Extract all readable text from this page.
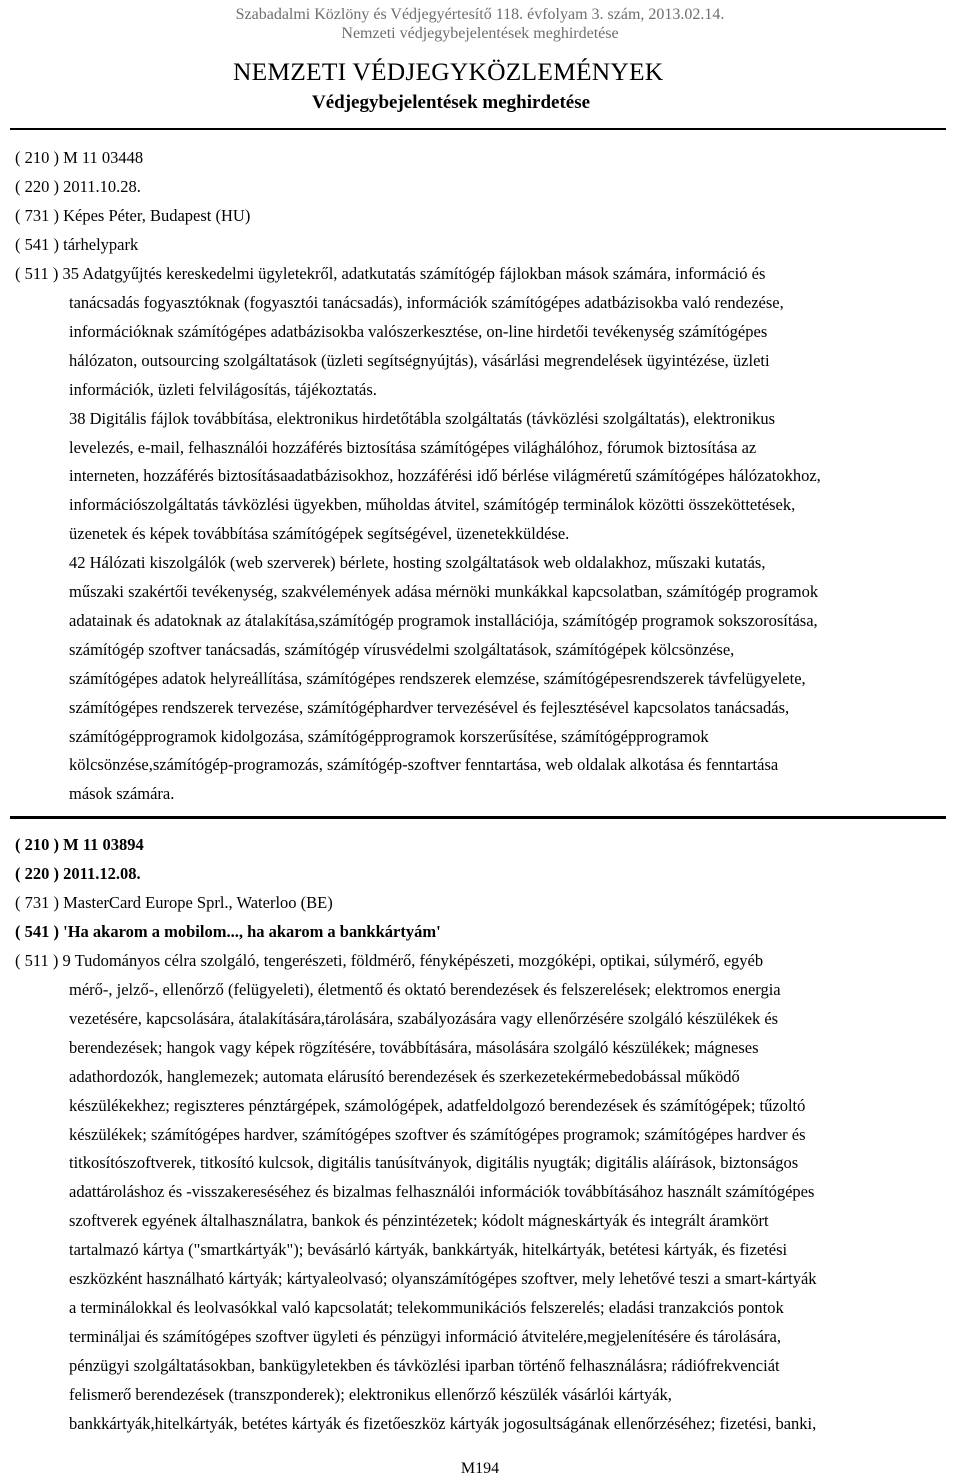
Szabadalmi Közlöny és Védjegyértesítő 118. évfolyam 3. szám, 2013.02.14.
Nemzeti védjegybejelentések meghirdetése
NEMZETI VÉDJEGYKÖZLEMÉNYEK
Védjegybejelentések meghirdetése
( 210 ) M 11 03448
( 220 ) 2011.10.28.
( 731 ) Képes Péter, Budapest (HU)
( 541 ) tárhelypark
( 511 ) 35 Adatgyűjtés kereskedelmi ügyletekről, adatkutatás számítógép fájlokban mások számára, információ és
tanácsadás fogyasztóknak (fogyasztói tanácsadás), információk számítógépes adatbázisokba való rendezése,
információknak számítógépes adatbázisokba valószerkesztése, on-line hirdetői tevékenység számítógépes
hálózaton, outsourcing szolgáltatások (üzleti segítségnyújtás), vásárlási megrendelések ügyintézése, üzleti
információk, üzleti felvilágosítás, tájékoztatás.
38 Digitális fájlok továbbítása, elektronikus hirdetőtábla szolgáltatás (távközlési szolgáltatás), elektronikus
levelezés, e-mail, felhasználói hozzáférés biztosítása számítógépes világhálóhoz, fórumok biztosítása az
interneten, hozzáférés biztosításaadatbázisokhoz, hozzáférési idő bérlése világméretű számítógépes hálózatokhoz,
információszolgáltatás távközlési ügyekben, műholdas átvitel, számítógép terminálok közötti összeköttetések,
üzenetek és képek továbbítása számítógépek segítségével, üzenetekküldése.
42 Hálózati kiszolgálók (web szerverek) bérlete, hosting szolgáltatások web oldalakhoz, műszaki kutatás,
műszaki szakértői tevékenység, szakvélemények adása mérnöki munkákkal kapcsolatban, számítógép programok
adatainak és adatoknak az átalakítása,számítógép programok installációja, számítógép programok sokszorosítása,
számítógép szoftver tanácsadás, számítógép vírusvédelmi szolgáltatások, számítógépek kölcsönzése,
számítógépes adatok helyreállítása, számítógépes rendszerek elemzése, számítógépesrendszerek távfelügyelete,
számítógépes rendszerek tervezése, számítógéphardver tervezésével és fejlesztésével kapcsolatos tanácsadás,
számítógépprogramok kidolgozása, számítógépprogramok korszerűsítése, számítógépprogramok
kölcsönzése,számítógép-programozás, számítógép-szoftver fenntartása, web oldalak alkotása és fenntartása
mások számára.
( 210 ) M 11 03894
( 220 ) 2011.12.08.
( 731 ) MasterCard Europe Sprl., Waterloo (BE)
( 541 ) 'Ha akarom a mobilom..., ha akarom a bankkártyám'
( 511 ) 9 Tudományos célra szolgáló, tengerészeti, földmérő, fényképészeti, mozgóképi, optikai, súlymérő, egyéb
mérő-, jelző-, ellenőrző (felügyeleti), életmentő és oktató berendezések és felszerelések; elektromos energia
vezetésére, kapcsolására, átalakítására,tárolására, szabályozására vagy ellenőrzésére szolgáló készülékek és
berendezések; hangok vagy képek rögzítésére, továbbítására, másolására szolgáló készülékek; mágneses
adathordozók, hanglemezek; automata elárusító berendezések és szerkezetekérmebedobással működő
készülékekhez; regiszteres pénztárgépek, számológépek, adatfeldolgozó berendezések és számítógépek; tűzoltó
készülékek; számítógépes hardver, számítógépes szoftver és számítógépes programok; számítógépes hardver és
titkosítószoftverek, titkosító kulcsok, digitális tanúsítványok, digitális nyugták; digitális aláírások, biztonságos
adattároláshoz és -visszakereséséhez és bizalmas felhasználói információk továbbításához használt számítógépes
szoftverek egyének általhasználatra, bankok és pénzintézetek; kódolt mágneskártyák és integrált áramkört
tartalmazó kártya ("smartkártyák"); bevásárló kártyák, bankkártyák, hitelkártyák, betétesi kártyák, és fizetési
eszközként használható kártyák; kártyaleolvasó; olyanszámítógépes szoftver, mely lehetővé teszi a smart-kártyák
a terminálokkal és leolvasókkal való kapcsolatát; telekommunikációs felszerelés; eladási tranzakciós pontok
termináljai és számítógépes szoftver ügyleti és pénzügyi információ átvitelére,megjelenítésére és tárolására,
pénzügyi szolgáltatásokban, bankügyletekben és távközlési iparban történő felhasználásra; rádiófrekvenciát
felismerő berendezések (transzponderek); elektronikus ellenőrző készülék vásárlói kártyák,
bankkártyák,hitelkártyák, betétes kártyák és fizetőeszköz kártyák jogosultságának ellenőrzéséhez; fizetési, banki,
M194
